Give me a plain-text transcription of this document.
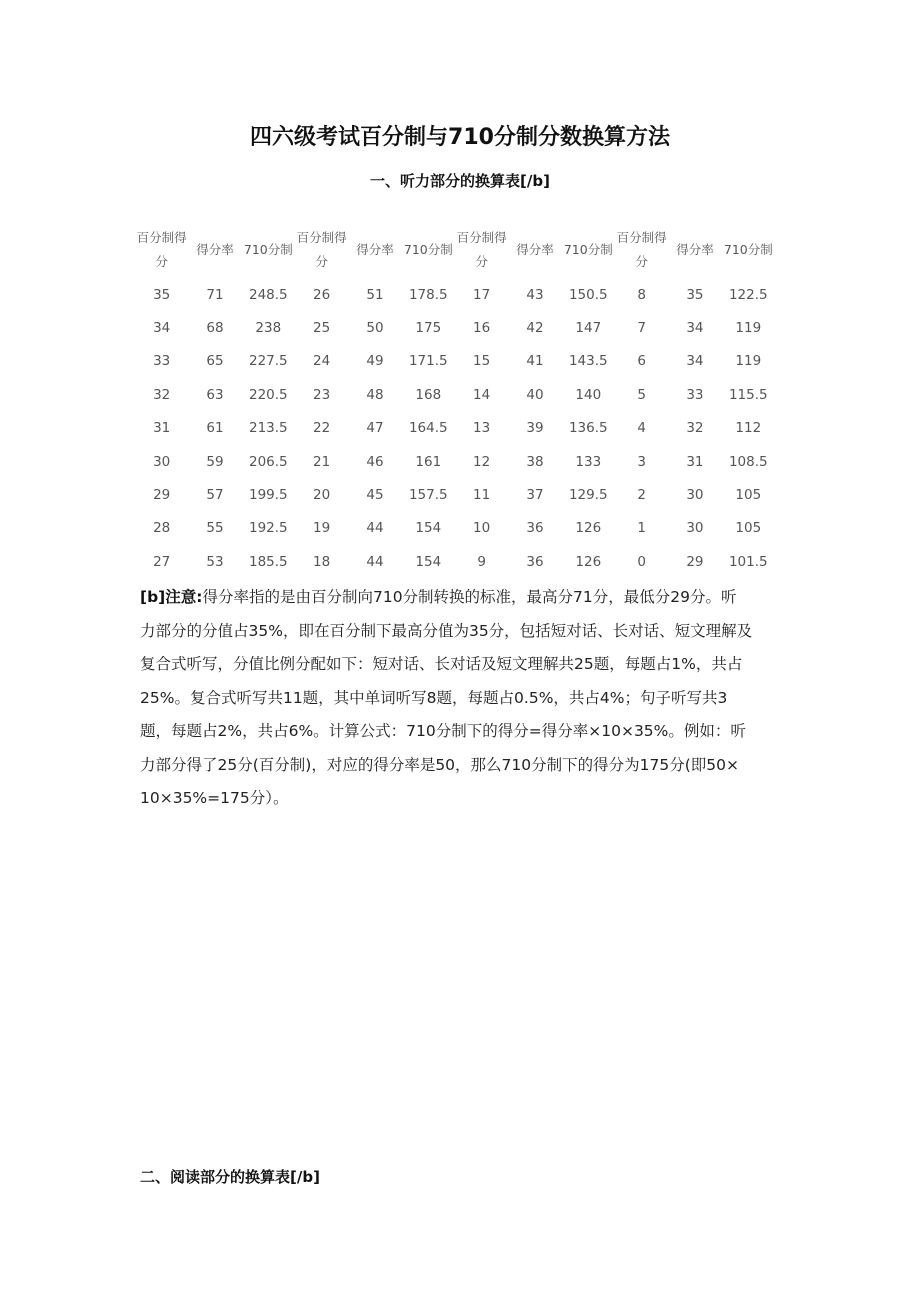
四六级考试百分制与710分制分数换算方法
一、听力部分的换算表[/b]
百分制得分	得分率	710分制	百分制得分	得分率	710分制	百分制得分	得分率	710分制	百分制得分	得分率	710分制
35	71	248.5	26	51	178.5	17	43	150.5	8	35	122.5
34	68	238	25	50	175	16	42	147	7	34	119
33	65	227.5	24	49	171.5	15	41	143.5	6	34	119
32	63	220.5	23	48	168	14	40	140	5	33	115.5
31	61	213.5	22	47	164.5	13	39	136.5	4	32	112
30	59	206.5	21	46	161	12	38	133	3	31	108.5
29	57	199.5	20	45	157.5	11	37	129.5	2	30	105
28	55	192.5	19	44	154	10	36	126	1	30	105
27	53	185.5	18	44	154	9	36	126	0	29	101.5
[b]注意:得分率指的是由百分制向710分制转换的标准，最高分71分，最低分29分。听
力部分的分值占35%，即在百分制下最高分值为35分，包括短对话、长对话、短文理解及
复合式听写，分值比例分配如下：短对话、长对话及短文理解共25题，每题占1%，共占
25%。复合式听写共11题，其中单词听写8题，每题占0.5%，共占4%；句子听写共3
题，每题占2%，共占6%。计算公式：710分制下的得分=得分率×10×35%。例如：听
力部分得了25分(百分制)，对应的得分率是50，那么710分制下的得分为175分(即50×
10×35%=175分）。
二、阅读部分的换算表[/b]
